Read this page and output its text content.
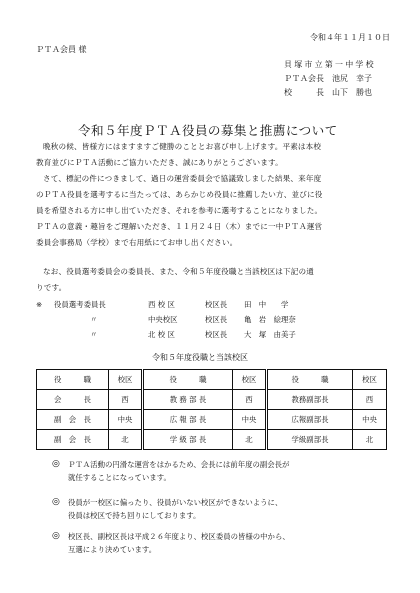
令和４年１１月１０日
ＰＴＡ会員 様
貝塚市立第一中学校
ＰＴＡ会長　池尻　幸子
校　　　長　山下　勝也
令和５年度ＰＴＡ役員の募集と推薦について

晩秋の候、皆様方にはますますご健勝のこととお喜び申し上げます。平素は本校

教育並びにＰＴＡ活動にご協力いただき、誠にありがとうございます。

さて、標記の件につきまして、過日の運営委員会で協議致しました結果、来年度

のＰＴＡ役員を選考するに当たっては、あらかじめ役員に推薦したい方、並びに役

員を希望される方に申し出ていただき、それを参考に選考することになりました。

ＰＴＡの意義・趣旨をご理解いただき、１１月２４日（木）までに一中ＰＴＡ運営

委員会事務局（学校）まで右用紙にてお申し出ください。

なお、役員選考委員会の委員長、また、令和５年度役職と当該校区は下記の通

りです。

※ 役員選考委員長	西 校 区	校区長 田　中　　学
〃	中央校区	校区長 亀　岩　絵理奈
〃	北 校 区	校区長 大　塚　由美子
令和５年度役職と当該校区
役　　　職	校区	役　　　職	校区	役　　　職	校区
会　　　長	西	教 務 部 長	西	教務副部長	西
副　会　長	中央	広 報 部 長	中央	広報副部長	中央
副　会　長	北	学 級 部 長	北	学級副部長	北
◎ ＰＴＡ活動の円滑な運営をはかるため、会長には前年度の副会長が
就任することになっています。
◎ 役員が一校区に偏ったり、役員がいない校区ができないように、
役員は校区で持ち回りにしております。
◎ 校区長、副校区長は平成２６年度より、校区委員の皆様の中から、
互選により決めています。
